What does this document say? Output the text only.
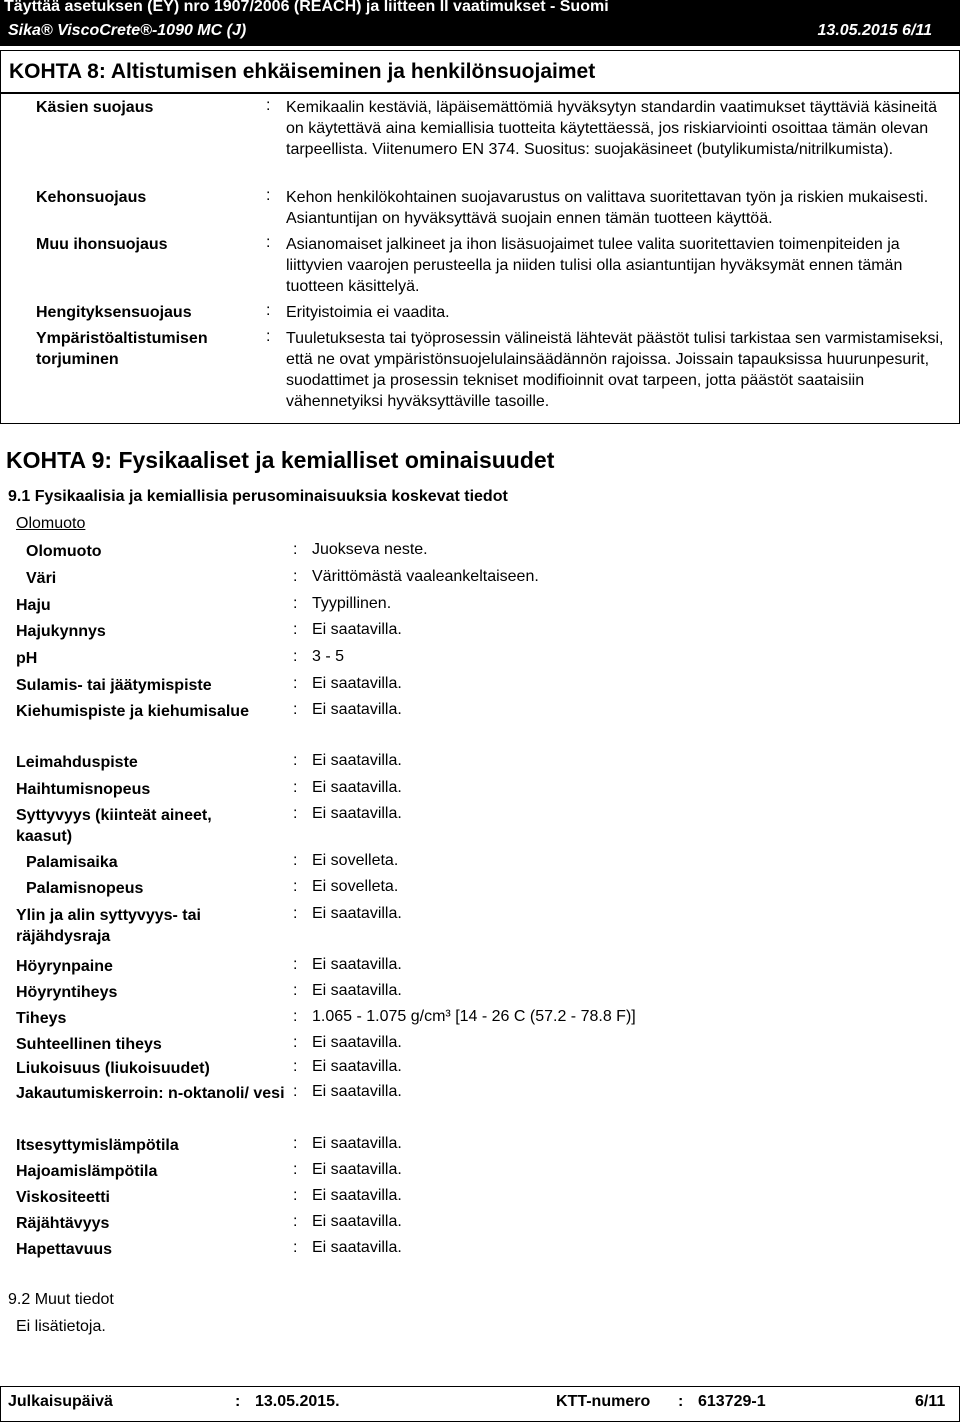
Täyttää asetuksen (EY) nro 1907/2006 (REACH) ja liitteen II vaatimukset - Suomi
Sika® ViscoCrete®-1090 MC (J)	13.05.2015 6/11
KOHTA 8: Altistumisen ehkäiseminen ja henkilönsuojaimet
Käsien suojaus	: Kemikaalin kestäviä, läpäisemättömiä hyväksytyn standardin vaatimukset täyttäviä käsineitä on käytettävä aina kemiallisia tuotteita käytettäessä, jos riskiarviointi osoittaa tämän olevan tarpeellista. Viitenumero EN 374. Suositus: suojakäsineet (butylikumista/nitrilkumista).
Kehonsuojaus	: Kehon henkilökohtainen suojavarustus on valittava suoritettavan työn ja riskien mukaisesti. Asiantuntijan on hyväksyttävä suojain ennen tämän tuotteen käyttöä.
Muu ihonsuojaus	: Asianomaiset jalkineet ja ihon lisäsuojaimet tulee valita suoritettavien toimenpiteiden ja liittyvien vaarojen perusteella ja niiden tulisi olla asiantuntijan hyväksymät ennen tämän tuotteen käsittelyä.
Hengityksensuojaus	: Erityistoimia ei vaadita.
Ympäristöaltistumisen torjuminen
: Tuuletuksesta tai työprosessin välineistä lähtevät päästöt tulisi tarkistaa sen varmistamiseksi, että ne ovat ympäristönsuojelulainsäädännön rajoissa. Joissain tapauksissa huurunpesurit, suodattimet ja prosessin tekniset modifioinnit ovat tarpeen, jotta päästöt saataisiin vähennetyiksi hyväksyttäville tasoille.
KOHTA 9: Fysikaaliset ja kemialliset ominaisuudet
9.1 Fysikaalisia ja kemiallisia perusominaisuuksia koskevat tiedot
Olomuoto
Olomuoto	: Juokseva neste.
Väri	: Värittömästä vaaleankeltaiseen.
Haju	: Tyypillinen.
Hajukynnys	: Ei saatavilla.
pH	: 3 - 5
Sulamis- tai jäätymispiste	: Ei saatavilla.
Kiehumispiste ja kiehumisalue	: Ei saatavilla.
Leimahduspiste	: Ei saatavilla.
Haihtumisnopeus	: Ei saatavilla.
Syttyvyys (kiinteät aineet, kaasut)
: Ei saatavilla.
Palamisaika	: Ei sovelleta.
Palamisnopeus	: Ei sovelleta.
Ylin ja alin syttyvyys- tai räjähdysraja
: Ei saatavilla.
Höyrynpaine	: Ei saatavilla.
Höyryntiheys	: Ei saatavilla.
Tiheys	: 1.065 - 1.075 g/cm³ [14 - 26 C (57.2 - 78.8 F)]
Suhteellinen tiheys	: Ei saatavilla.
Liukoisuus (liukoisuudet)	: Ei saatavilla.
Jakautumiskerroin: n-oktanoli/ vesi : Ei saatavilla.
Itsesyttymislämpötila	: Ei saatavilla.
Hajoamislämpötila	: Ei saatavilla.
Viskositeetti	: Ei saatavilla.
Räjähtävyys	: Ei saatavilla.
Hapettavuus	: Ei saatavilla.
9.2 Muut tiedot
Ei lisätietoja.
Julkaisupäivä	: 13.05.2015.	KTT-numero : 613729-1	6/11
